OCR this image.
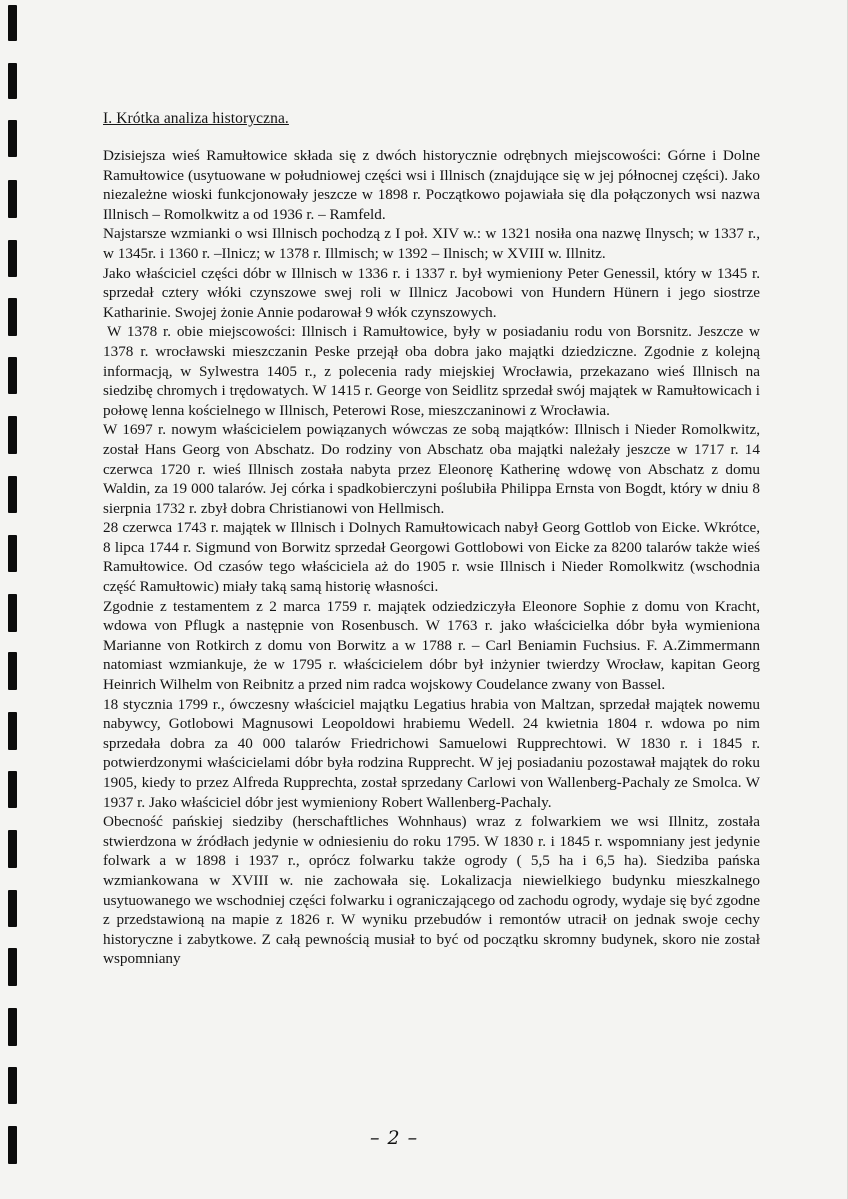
I. Krótka analiza historyczna.

Dzisiejsza wieś Ramułtowice składa się z dwóch historycznie odrębnych miejscowości: Górne i Dolne Ramułtowice (usytuowane w południowej części wsi i Illnisch (znajdujące się w jej północnej części). Jako niezależne wioski funkcjonowały jeszcze w 1898 r. Początkowo pojawiała się dla połączonych wsi nazwa Illnisch – Romolkwitz a od 1936 r. – Ramfeld.

Najstarsze wzmianki o wsi Illnisch pochodzą z I poł. XIV w.: w 1321 nosiła ona nazwę Ilnysch; w 1337 r., w 1345r. i 1360 r. –Ilnicz; w 1378 r. Illmisch; w 1392 – Ilnisch; w XVIII w. Illnitz.

Jako właściciel części dóbr w Illnisch w 1336 r. i 1337 r. był wymieniony Peter Genessil, który w 1345 r. sprzedał cztery włóki czynszowe swej roli w Illnicz Jacobowi von Hundern Hünern i jego siostrze Katharinie. Swojej żonie Annie podarował 9 włók czynszowych.

W 1378 r. obie miejscowości: Illnisch i Ramułtowice, były w posiadaniu rodu von Borsnitz. Jeszcze w 1378 r. wrocławski mieszczanin Peske przejął oba dobra jako majątki dziedziczne. Zgodnie z kolejną informacją, w Sylwestra 1405 r., z polecenia rady miejskiej Wrocławia, przekazano wieś Illnisch na siedzibę chromych i trędowatych. W 1415 r. George von Seidlitz sprzedał swój majątek w Ramułtowicach i połowę lenna kościelnego w Illnisch, Peterowi Rose, mieszczaninowi z Wrocławia.

W 1697 r. nowym właścicielem powiązanych wówczas ze sobą majątków: Illnisch i Nieder Romolkwitz, został Hans Georg von Abschatz. Do rodziny von Abschatz oba majątki należały jeszcze w 1717 r. 14 czerwca 1720 r. wieś Illnisch została nabyta przez Eleonorę Katherinę wdowę von Abschatz z domu Waldin, za 19 000 talarów. Jej córka i spadkobierczyni poślubiła Philippa Ernsta von Bogdt, który w dniu 8 sierpnia 1732 r. zbył dobra Christianowi von Hellmisch.

28 czerwca 1743 r. majątek w Illnisch i Dolnych Ramułtowicach nabył Georg Gottlob von Eicke. Wkrótce, 8 lipca 1744 r. Sigmund von Borwitz sprzedał Georgowi Gottlobowi von Eicke za 8200 talarów także wieś Ramułtowice. Od czasów tego właściciela aż do 1905 r. wsie Illnisch i Nieder Romolkwitz (wschodnia część Ramułtowic) miały taką samą historię własności.

Zgodnie z testamentem z 2 marca 1759 r. majątek odziedziczyła Eleonore Sophie z domu von Kracht, wdowa von Pflugk a następnie von Rosenbusch. W 1763 r. jako właścicielka dóbr była wymieniona Marianne von Rotkirch z domu von Borwitz a w 1788 r. – Carl Beniamin Fuchsius. F. A.Zimmermann natomiast wzmiankuje, że w 1795 r. właścicielem dóbr był inżynier twierdzy Wrocław, kapitan Georg Heinrich Wilhelm von Reibnitz a przed nim radca wojskowy Coudelance zwany von Bassel.

18 stycznia 1799 r., ówczesny właściciel majątku Legatius hrabia von Maltzan, sprzedał majątek nowemu nabywcy, Gotlobowi Magnusowi Leopoldowi hrabiemu Wedell. 24 kwietnia 1804 r. wdowa po nim sprzedała dobra za 40 000 talarów Friedrichowi Samuelowi Rupprechtowi. W 1830 r. i 1845 r. potwierdzonymi właścicielami dóbr była rodzina Rupprecht. W jej posiadaniu pozostawał majątek do roku 1905, kiedy to przez Alfreda Rupprechta, został sprzedany Carlowi von Wallenberg-Pachaly ze Smolca. W 1937 r. Jako właściciel dóbr jest wymieniony Robert Wallenberg-Pachaly.

Obecność pańskiej siedziby (herschaftliches Wohnhaus) wraz z folwarkiem we wsi Illnitz, została stwierdzona w źródłach jedynie w odniesieniu do roku 1795. W 1830 r. i 1845 r. wspomniany jest jedynie folwark a w 1898 i 1937 r., oprócz folwarku także ogrody ( 5,5 ha i 6,5 ha). Siedziba pańska wzmiankowana w XVIII w. nie zachowała się. Lokalizacja niewielkiego budynku mieszkalnego usytuowanego we wschodniej części folwarku i ograniczającego od zachodu ogrody, wydaje się być zgodne z przedstawioną na mapie z 1826 r. W wyniku przebudów i remontów utracił on jednak swoje cechy historyczne i zabytkowe. Z całą pewnością musiał to być od początku skromny budynek, skoro nie został wspomniany

– 2 –
